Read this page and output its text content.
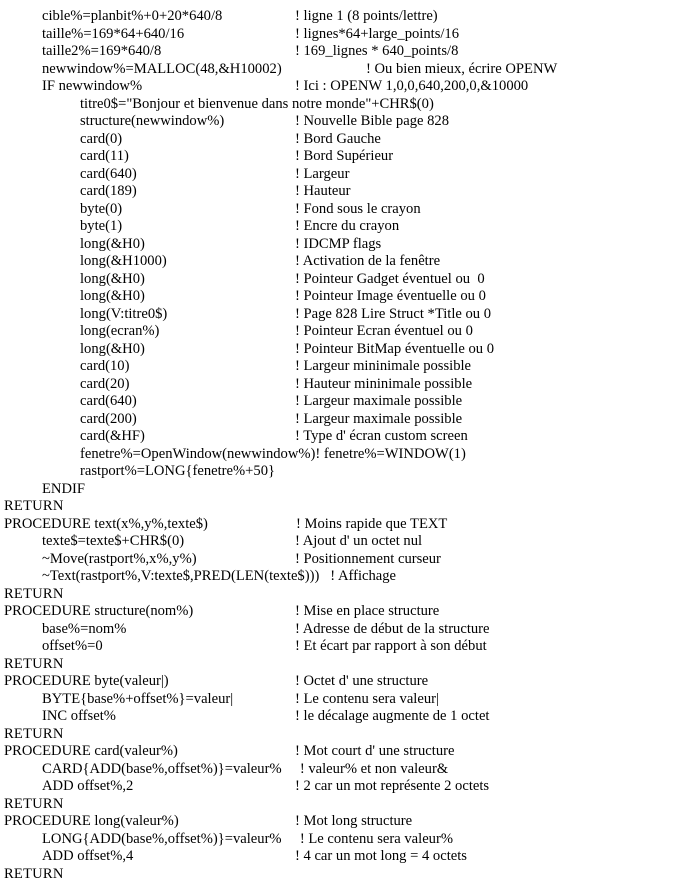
cible%=planbit%+0+20*640/8	! ligne 1 (8 points/lettre)
taille%=169*64+640/16	! lignes*64+large_points/16
taille2%=169*640/8	! 169_lignes * 640_points/8
newwindow%=MALLOC(48,&H10002)	! Ou bien mieux, écrire OPENW
IF newwindow%	! Ici : OPENW 1,0,0,640,200,0,&10000
titre0$="Bonjour et bienvenue dans notre monde"+CHR$(0)
structure(newwindow%)	! Nouvelle Bible page 828
card(0)	! Bord Gauche
card(11)	! Bord Supérieur
card(640)	! Largeur
card(189)	! Hauteur
byte(0)	! Fond sous le crayon
byte(1)	! Encre du crayon
long(&H0)	! IDCMP flags
long(&H1000)	! Activation de la fenêtre
long(&H0)	! Pointeur Gadget éventuel ou  0
long(&H0)	! Pointeur Image éventuelle ou 0
long(V:titre0$)	! Page 828 Lire Struct *Title ou 0
long(ecran%)	! Pointeur Ecran éventuel ou 0
long(&H0)	! Pointeur BitMap éventuelle ou 0
card(10)	! Largeur mininimale possible
card(20)	! Hauteur mininimale possible
card(640)	! Largeur maximale possible
card(200)	! Largeur maximale possible
card(&HF)	! Type d' écran custom screen
fenetre%=OpenWindow(newwindow%)! fenetre%=WINDOW(1)
rastport%=LONG{fenetre%+50}
ENDIF
RETURN
PROCEDURE text(x%,y%,texte$)	! Moins rapide que TEXT
texte$=texte$+CHR$(0)	! Ajout d' un octet nul
~Move(rastport%,x%,y%)	! Positionnement curseur
~Text(rastport%,V:texte$,PRED(LEN(texte$)))   ! Affichage
RETURN
PROCEDURE structure(nom%)	! Mise en place structure
base%=nom%	! Adresse de début de la structure
offset%=0	! Et écart par rapport à son début
RETURN
PROCEDURE byte(valeur|)	! Octet d' une structure
BYTE{base%+offset%}=valeur|	! Le contenu sera valeur|
INC offset%	! le décalage augmente de 1 octet
RETURN
PROCEDURE card(valeur%)	! Mot court d' une structure
CARD{ADD(base%,offset%)}=valeur%     ! valeur% et non valeur&
ADD offset%,2	! 2 car un mot représente 2 octets
RETURN
PROCEDURE long(valeur%)	! Mot long structure
LONG{ADD(base%,offset%)}=valeur%     ! Le contenu sera valeur%
ADD offset%,4	! 4 car un mot long = 4 octets
RETURN
